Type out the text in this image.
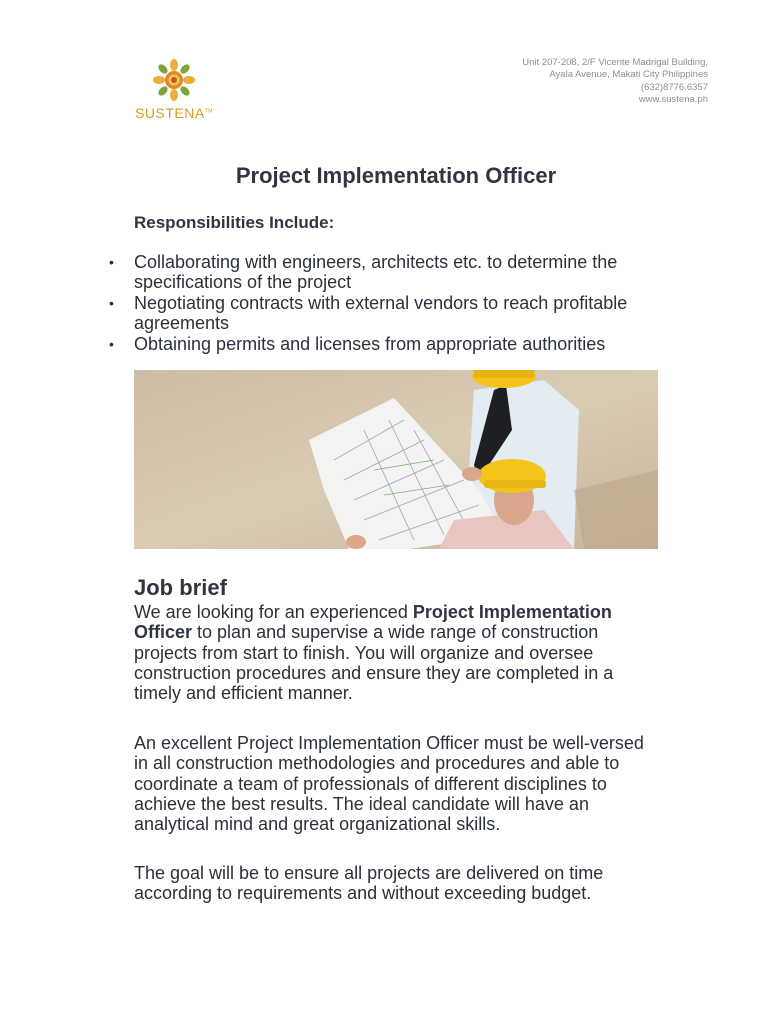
SUSTENA™
Unit 207-208, 2/F Vicente Madrigal Building,
Ayala Avenue, Makati City Philippines
(632)8776.6357
www.sustena.ph
Project Implementation Officer
Responsibilities Include:
• Collaborating with engineers, architects etc. to determine the specifications of the project
• Negotiating contracts with external vendors to reach profitable agreements
• Obtaining permits and licenses from appropriate authorities
Job brief

We are looking for an experienced Project Implementation Officer to plan and supervise a wide range of construction projects from start to finish. You will organize and oversee construction procedures and ensure they are completed in a timely and efficient manner.

An excellent Project Implementation Officer must be well-versed in all construction methodologies and procedures and able to coordinate a team of professionals of different disciplines to achieve the best results. The ideal candidate will have an analytical mind and great organizational skills.

The goal will be to ensure all projects are delivered on time according to requirements and without exceeding budget.
